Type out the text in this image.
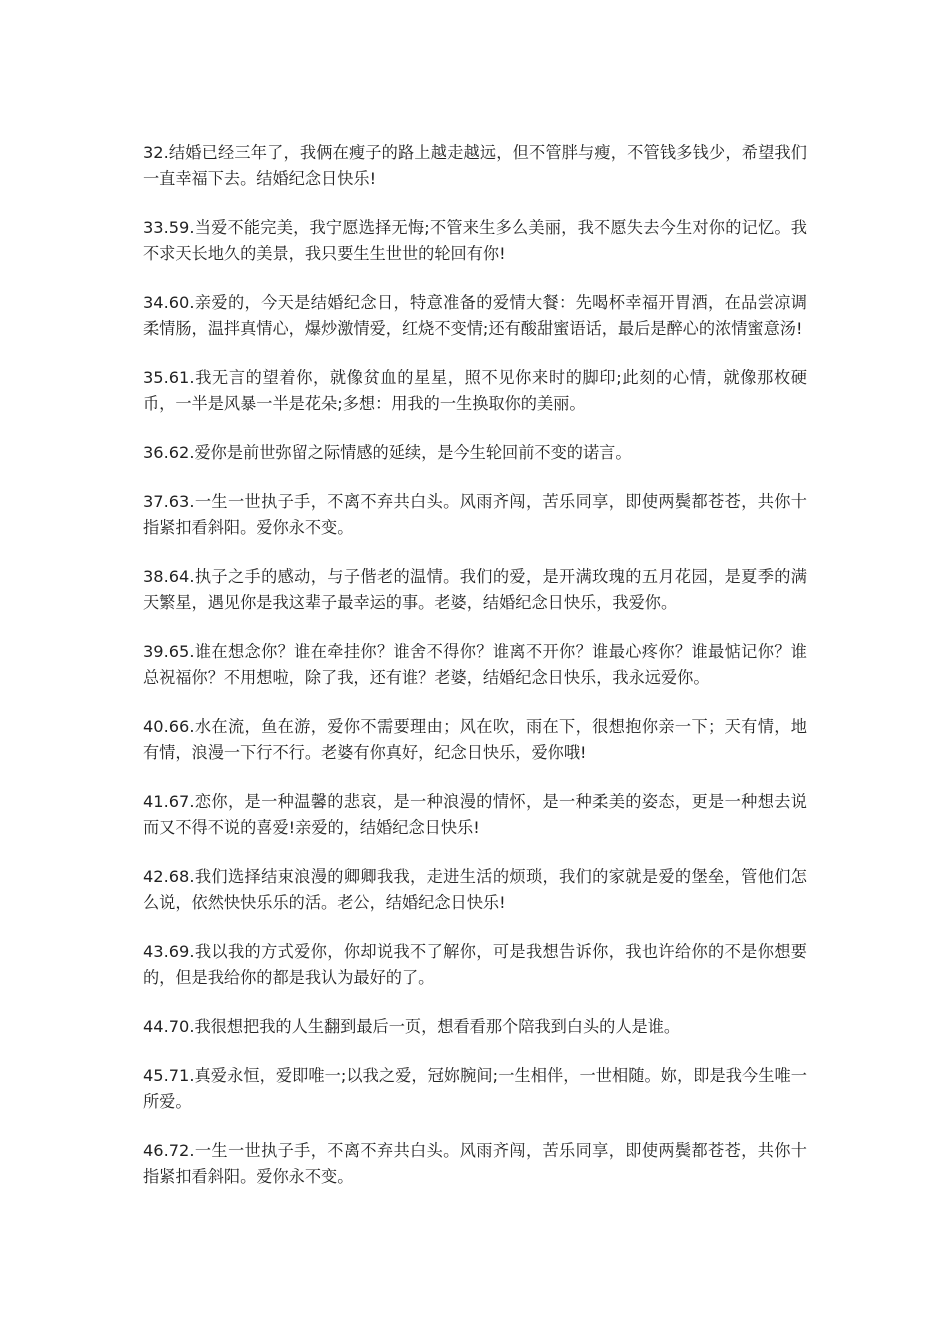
32.结婚已经三年了，我俩在瘦子的路上越走越远，但不管胖与瘦，不管钱多钱少，希望我们一直幸福下去。结婚纪念日快乐!

33.59.当爱不能完美，我宁愿选择无悔;不管来生多么美丽，我不愿失去今生对你的记忆。我不求天长地久的美景，我只要生生世世的轮回有你!

34.60.亲爱的，今天是结婚纪念日，特意准备的爱情大餐：先喝杯幸福开胃酒，在品尝凉调柔情肠，温拌真情心，爆炒激情爱，红烧不变情;还有酸甜蜜语话，最后是醉心的浓情蜜意汤!

35.61.我无言的望着你，就像贫血的星星，照不见你来时的脚印;此刻的心情，就像那枚硬币，一半是风暴一半是花朵;多想：用我的一生换取你的美丽。

36.62.爱你是前世弥留之际情感的延续，是今生轮回前不变的诺言。

37.63.一生一世执子手，不离不弃共白头。风雨齐闯，苦乐同享，即使两鬓都苍苍，共你十指紧扣看斜阳。爱你永不变。

38.64.执子之手的感动，与子偕老的温情。我们的爱，是开满玫瑰的五月花园，是夏季的满天繁星，遇见你是我这辈子最幸运的事。老婆，结婚纪念日快乐，我爱你。

39.65.谁在想念你？谁在牵挂你？谁舍不得你？谁离不开你？谁最心疼你？谁最惦记你？谁总祝福你？不用想啦，除了我，还有谁？老婆，结婚纪念日快乐，我永远爱你。

40.66.水在流，鱼在游，爱你不需要理由；风在吹，雨在下，很想抱你亲一下；天有情，地有情，浪漫一下行不行。老婆有你真好，纪念日快乐，爱你哦!

41.67.恋你，是一种温馨的悲哀，是一种浪漫的情怀，是一种柔美的姿态，更是一种想去说而又不得不说的喜爱!亲爱的，结婚纪念日快乐!

42.68.我们选择结束浪漫的卿卿我我，走进生活的烦琐，我们的家就是爱的堡垒，管他们怎么说，依然快快乐乐的活。老公，结婚纪念日快乐!

43.69.我以我的方式爱你，你却说我不了解你，可是我想告诉你，我也许给你的不是你想要的，但是我给你的都是我认为最好的了。

44.70.我很想把我的人生翻到最后一页，想看看那个陪我到白头的人是谁。

45.71.真爱永恒，爱即唯一;以我之爱，冠妳腕间;一生相伴，一世相随。妳，即是我今生唯一所爱。

46.72.一生一世执子手，不离不弃共白头。风雨齐闯，苦乐同享，即使两鬓都苍苍，共你十指紧扣看斜阳。爱你永不变。
